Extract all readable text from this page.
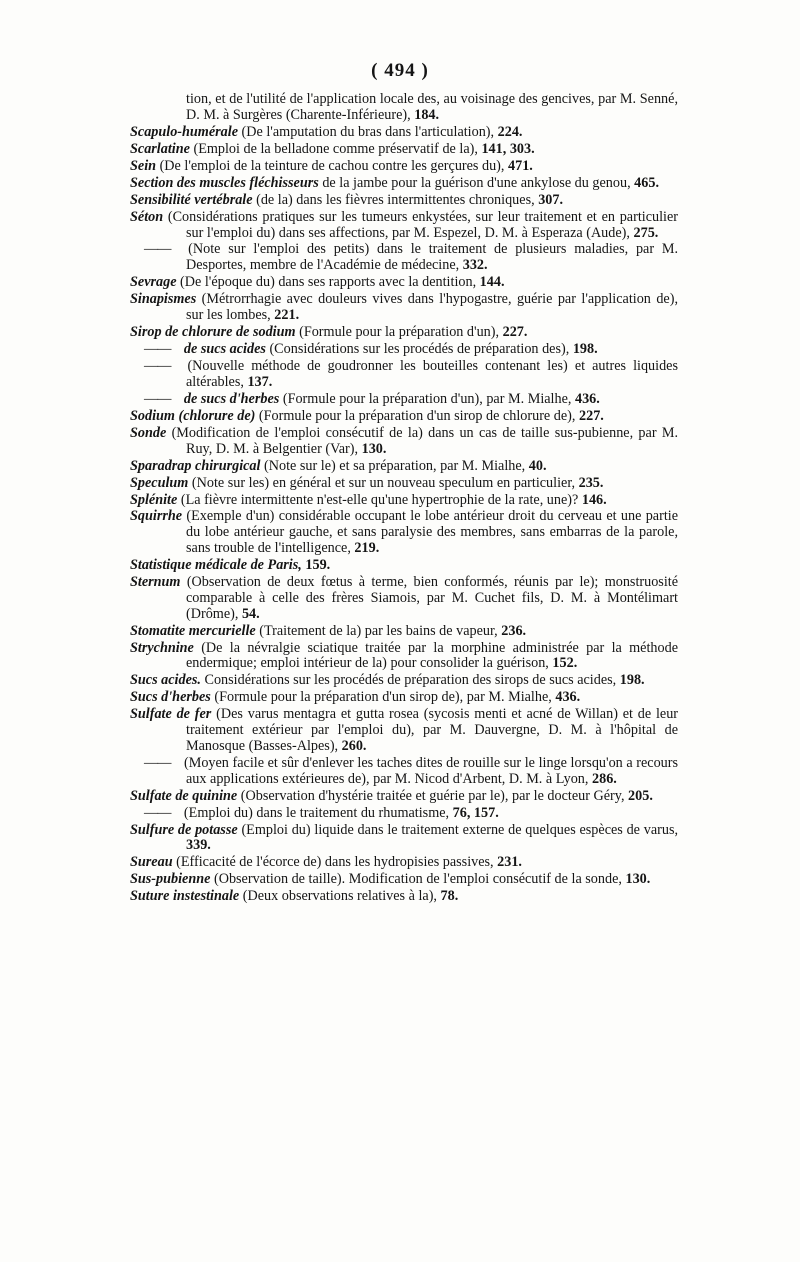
( 494 )

tion, et de l'utilité de l'application locale des, au voisinage des gencives, par M. Senné, D. M. à Surgères (Charente-Inférieure), 184.

Scapulo-humérale (De l'amputation du bras dans l'articulation), 224.

Scarlatine (Emploi de la belladone comme préservatif de la), 141, 303.

Sein (De l'emploi de la teinture de cachou contre les gerçures du), 471.

Section des muscles fléchisseurs de la jambe pour la guérison d'une ankylose du genou, 465.

Sensibilité vertébrale (de la) dans les fièvres intermittentes chroniques, 307.

Séton (Considérations pratiques sur les tumeurs enkystées, sur leur traitement et en particulier sur l'emploi du) dans ses affections, par M. Espezel, D. M. à Esperaza (Aude), 275.

—— (Note sur l'emploi des petits) dans le traitement de plusieurs maladies, par M. Desportes, membre de l'Académie de médecine, 332.

Sevrage (De l'époque du) dans ses rapports avec la dentition, 144.

Sinapismes (Métrorrhagie avec douleurs vives dans l'hypogastre, guérie par l'application de), sur les lombes, 221.

Sirop de chlorure de sodium (Formule pour la préparation d'un), 227.

—— de sucs acides (Considérations sur les procédés de préparation des), 198.

—— (Nouvelle méthode de goudronner les bouteilles contenant les) et autres liquides altérables, 137.

—— de sucs d'herbes (Formule pour la préparation d'un), par M. Mialhe, 436.

Sodium (chlorure de) (Formule pour la préparation d'un sirop de chlorure de), 227.

Sonde (Modification de l'emploi consécutif de la) dans un cas de taille sus-pubienne, par M. Ruy, D. M. à Belgentier (Var), 130.

Sparadrap chirurgical (Note sur le) et sa préparation, par M. Mialhe, 40.

Speculum (Note sur les) en général et sur un nouveau speculum en particulier, 235.

Splénite (La fièvre intermittente n'est-elle qu'une hypertrophie de la rate, une)? 146.

Squirrhe (Exemple d'un) considérable occupant le lobe antérieur droit du cerveau et une partie du lobe antérieur gauche, et sans paralysie des membres, sans embarras de la parole, sans trouble de l'intelligence, 219.

Statistique médicale de Paris, 159.

Sternum (Observation de deux fœtus à terme, bien conformés, réunis par le); monstruosité comparable à celle des frères Siamois, par M. Cuchet fils, D. M. à Montélimart (Drôme), 54.

Stomatite mercurielle (Traitement de la) par les bains de vapeur, 236.

Strychnine (De la névralgie sciatique traitée par la morphine administrée par la méthode endermique; emploi intérieur de la) pour consolider la guérison, 152.

Sucs acides. Considérations sur les procédés de préparation des sirops de sucs acides, 198.

Sucs d'herbes (Formule pour la préparation d'un sirop de), par M. Mialhe, 436.

Sulfate de fer (Des varus mentagra et gutta rosea (sycosis menti et acné de Willan) et de leur traitement extérieur par l'emploi du), par M. Dauvergne, D. M. à l'hôpital de Manosque (Basses-Alpes), 260.

—— (Moyen facile et sûr d'enlever les taches dites de rouille sur le linge lorsqu'on a recours aux applications extérieures de), par M. Nicod d'Arbent, D. M. à Lyon, 286.

Sulfate de quinine (Observation d'hystérie traitée et guérie par le), par le docteur Géry, 205.

—— (Emploi du) dans le traitement du rhumatisme, 76, 157.

Sulfure de potasse (Emploi du) liquide dans le traitement externe de quelques espèces de varus, 339.

Sureau (Efficacité de l'écorce de) dans les hydropisies passives, 231.

Sus-pubienne (Observation de taille). Modification de l'emploi consécutif de la sonde, 130.

Suture instestinale (Deux observations relatives à la), 78.
